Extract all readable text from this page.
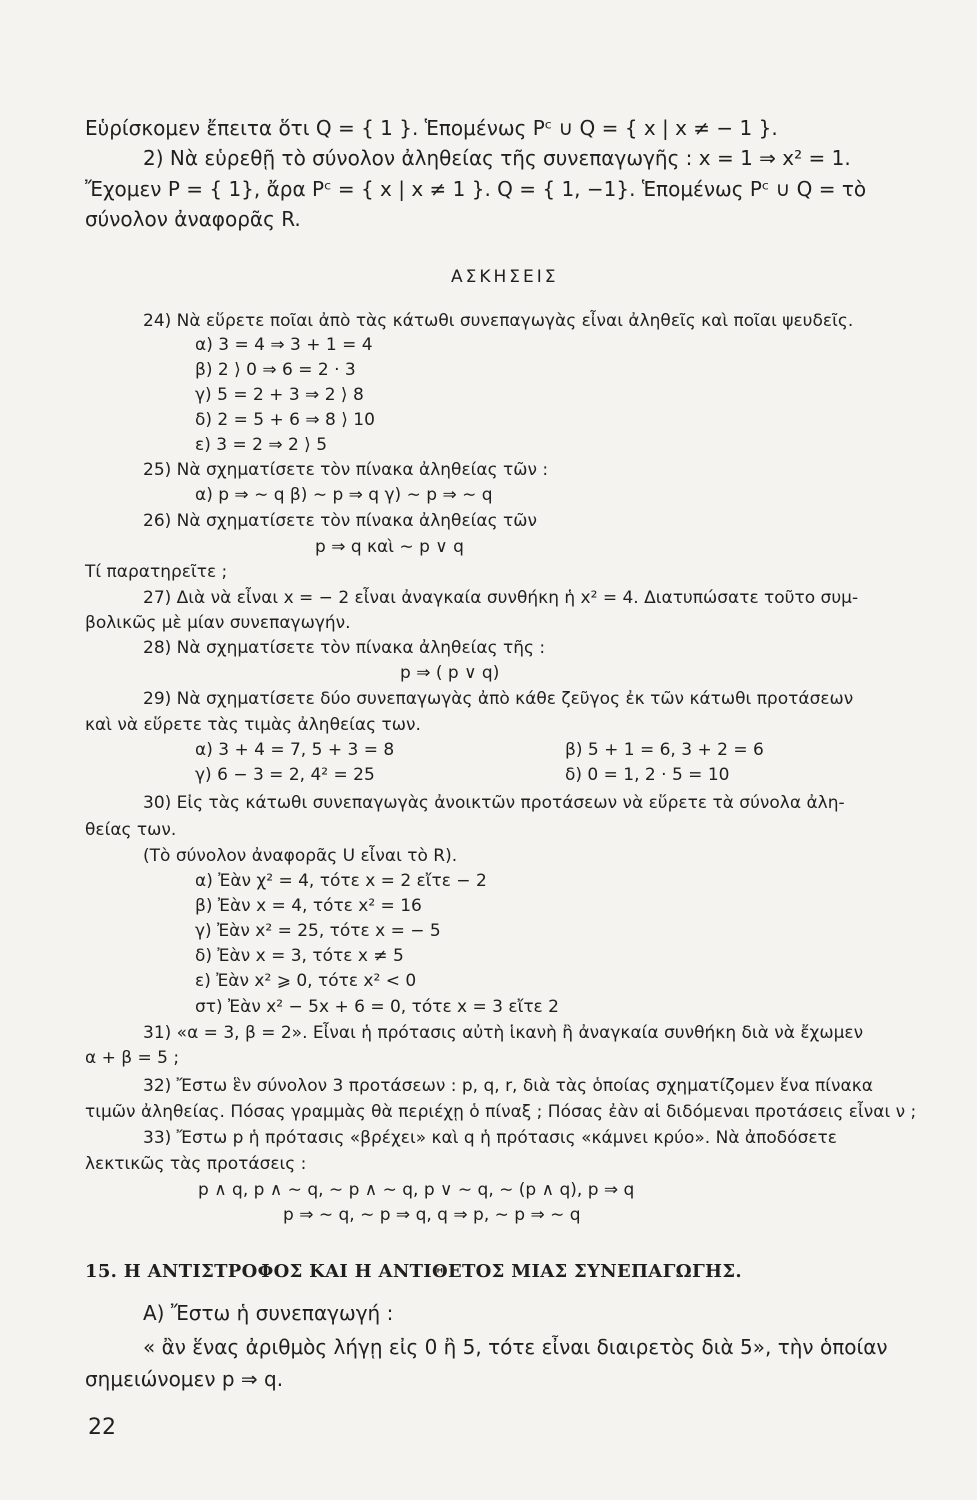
Εὑρίσκομεν ἔπειτα ὅτι Q = { 1 }. Ἑπομένως Pᶜ ∪ Q = { x | x ≠ − 1 }.
2) Νὰ εὑρεθῇ τὸ σύνολον ἀληθείας τῆς συνεπαγωγῆς : x = 1 ⇒ x² = 1.
Ἔχομεν P = { 1}, ἄρα Pᶜ = { x | x ≠ 1 }. Q = { 1, −1}. Ἑπομένως Pᶜ ∪ Q = τὸ
σύνολον ἀναφορᾶς R.
ΑΣΚΗΣΕΙΣ
24) Νὰ εὕρετε ποῖαι ἀπὸ τὰς κάτωθι συνεπαγωγὰς εἶναι ἀληθεῖς καὶ ποῖαι ψευδεῖς.
α) 3 = 4 ⇒ 3 + 1 = 4
β) 2 ⟩ 0 ⇒ 6 = 2 · 3
γ) 5 = 2 + 3 ⇒ 2 ⟩ 8
δ) 2 = 5 + 6 ⇒ 8 ⟩ 10
ε) 3 = 2 ⇒ 2 ⟩ 5
25) Νὰ σχηματίσετε τὸν πίνακα ἀληθείας τῶν :
α) p ⇒ ∼ q β) ∼ p ⇒ q γ) ∼ p ⇒ ∼ q
26) Νὰ σχηματίσετε τὸν πίνακα ἀληθείας τῶν
p ⇒ q καὶ ∼ p ∨ q
Τί παρατηρεῖτε ;
27) Διὰ νὰ εἶναι x = − 2 εἶναι ἀναγκαία συνθήκη ἡ x² = 4. Διατυπώσατε τοῦτο συμ-
βολικῶς μὲ μίαν συνεπαγωγήν.
28) Νὰ σχηματίσετε τὸν πίνακα ἀληθείας τῆς :
p ⇒ ( p ∨ q)
29) Νὰ σχηματίσετε δύο συνεπαγωγὰς ἀπὸ κάθε ζεῦγος ἐκ τῶν κάτωθι προτάσεων
καὶ νὰ εὕρετε τὰς τιμὰς ἀληθείας των.
α) 3 + 4 = 7, 5 + 3 = 8	β) 5 + 1 = 6, 3 + 2 = 6
γ) 6 − 3 = 2, 4² = 25	δ) 0 = 1, 2 · 5 = 10
30) Εἰς τὰς κάτωθι συνεπαγωγὰς ἀνοικτῶν προτάσεων νὰ εὕρετε τὰ σύνολα ἀλη-
θείας των.
(Τὸ σύνολον ἀναφορᾶς U εἶναι τὸ R).
α) Ἐὰν χ² = 4, τότε x = 2 εἴτε − 2
β) Ἐὰν x = 4, τότε x² = 16
γ) Ἐὰν x² = 25, τότε x = − 5
δ) Ἐὰν x = 3, τότε x ≠ 5
ε) Ἐὰν x² ⩾ 0, τότε x² < 0
στ) Ἐὰν x² − 5x + 6 = 0, τότε x = 3 εἴτε 2
31) «α = 3, β = 2». Εἶναι ἡ πρότασις αὐτὴ ἱκανὴ ἢ ἀναγκαία συνθήκη διὰ νὰ ἔχωμεν
α + β = 5 ;
32) Ἔστω ἓν σύνολον 3 προτάσεων : p, q, r, διὰ τὰς ὁποίας σχηματίζομεν ἕνα πίνακα
τιμῶν ἀληθείας. Πόσας γραμμὰς θὰ περιέχῃ ὁ πίναξ ; Πόσας ἐὰν αἱ διδόμεναι προτάσεις εἶναι ν ;
33) Ἔστω p ἡ πρότασις «βρέχει» καὶ q ἡ πρότασις «κάμνει κρύο». Νὰ ἀποδόσετε
λεκτικῶς τὰς προτάσεις :
p ∧ q, p ∧ ∼ q, ∼ p ∧ ∼ q, p ∨ ∼ q, ∼ (p ∧ q), p ⇒ q
p ⇒ ∼ q, ∼ p ⇒ q, q ⇒ p, ∼ p ⇒ ∼ q
15. Η ΑΝΤΙΣΤΡΟΦΟΣ ΚΑΙ Η ΑΝΤΙΘΕΤΟΣ ΜΙΑΣ ΣΥΝΕΠΑΓΩΓΗΣ.
Α) Ἔστω ἡ συνεπαγωγή :
« ἂν ἕνας ἀριθμὸς λήγῃ εἰς 0 ἢ 5, τότε εἶναι διαιρετὸς διὰ 5», τὴν ὁποίαν
σημειώνομεν p ⇒ q.
22
